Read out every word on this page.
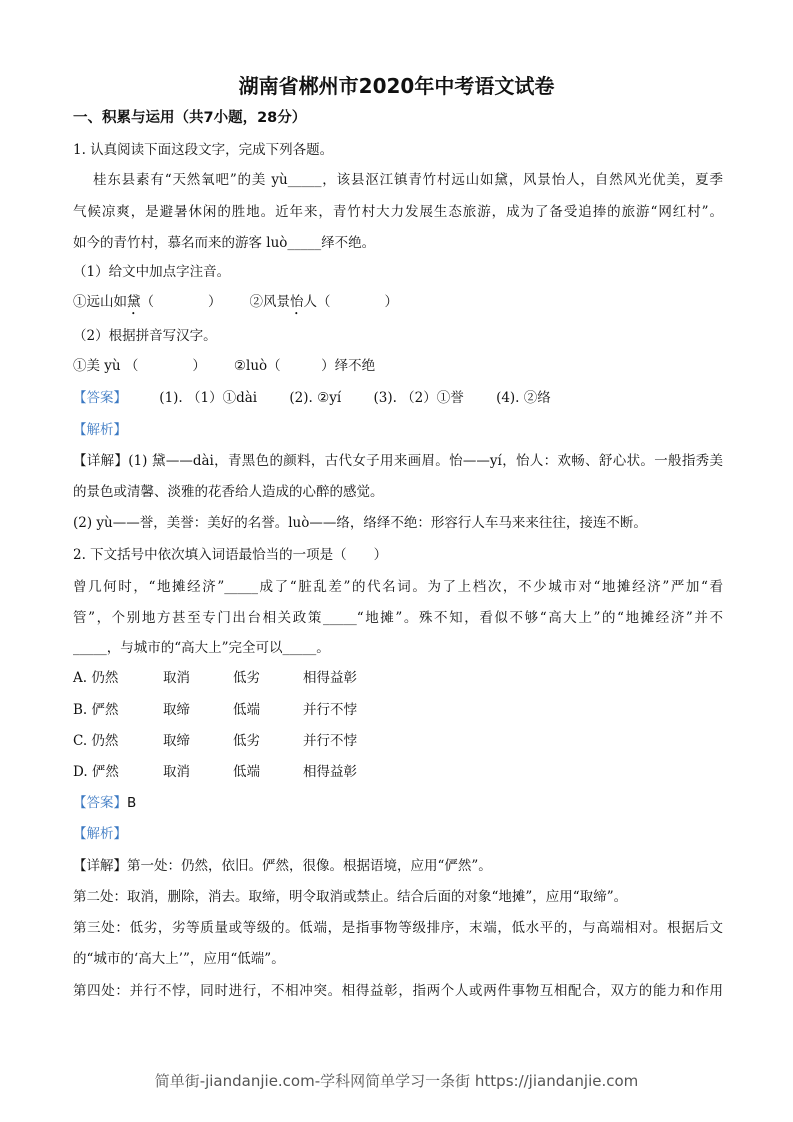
湖南省郴州市2020年中考语文试卷
一、积累与运用（共7小题，28分）
1. 认真阅读下面这段文字，完成下列各题。
桂东县素有“天然氧吧”的美 yù_____，该县沤江镇青竹村远山如黛，风景怡人，自然风光优美，夏季
气候凉爽，是避暑休闲的胜地。近年来，青竹村大力发展生态旅游，成为了备受追捧的旅游“网红村”。
如今的青竹村，慕名而来的游客 luò_____绎不绝。
（1）给文中加点字注音。
①远山如黛（　　　　） ②风景怡人（　　　　）
（2）根据拼音写汉字。
①美 yù （　　　　） ②luò（　　　）绎不绝
【答案】 (1). （1）①dài (2). ②yí (3). （2）①誉 (4). ②络
【解析】
【详解】(1) 黛——dài，青黑色的颜料，古代女子用来画眉。怡——yí，怡人：欢畅、舒心状。一般指秀美
的景色或清馨、淡雅的花香给人造成的心醉的感觉。
(2) yù——誉，美誉：美好的名誉。luò——络，络绎不绝：形容行人车马来来往往，接连不断。
2. 下文括号中依次填入词语最恰当的一项是（　　）
曾几何时，“地摊经济”_____成了“脏乱差”的代名词。为了上档次，不少城市对“地摊经济”严加“看
管”，个别地方甚至专门出台相关政策_____“地摊”。殊不知，看似不够“高大上”的“地摊经济”并不
_____，与城市的“高大上”完全可以_____。
A. 仍然	取消	低劣	相得益彰
B. 俨然	取缔	低端	并行不悖
C. 仍然	取缔	低劣	并行不悖
D. 俨然	取消	低端	相得益彰
【答案】B
【解析】
【详解】第一处：仍然，依旧。俨然，很像。根据语境，应用“俨然”。
第二处：取消，删除，消去。取缔，明令取消或禁止。结合后面的对象“地摊”，应用“取缔”。
第三处：低劣，劣等质量或等级的。低端，是指事物等级排序，末端，低水平的，与高端相对。根据后文
的“城市的‘高大上’”，应用“低端”。
第四处：并行不悖，同时进行，不相冲突。相得益彰，指两个人或两件事物互相配合，双方的能力和作用
简单街-jiandanjie.com-学科网简单学习一条街 https://jiandanjie.com
